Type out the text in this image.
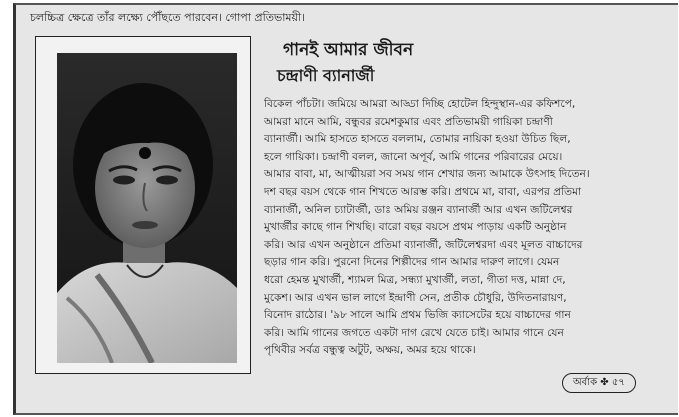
চলচ্চিত্র ক্ষেত্রে তাঁর লক্ষ্যে পৌঁছতে পারবেন। গোপা প্রতিভাময়ী।
গানই আমার জীবন
চন্দ্রাণী ব্যানার্জী
বিকেল পাঁচটা। জমিয়ে আমরা আড্ডা দিচ্ছি হোটেল হিন্দুস্থান-এর কফিশপে,
আমরা মানে আমি, বন্ধুবর রমেশকুমার এবং প্রতিভাময়ী গায়িকা চন্দ্রাণী
ব্যানার্জী। আমি হাসতে হাসতে বললাম, তোমার নায়িকা হওয়া উচিত ছিল,
হলে গায়িকা। চন্দ্রাণী বলল, জানো অপূর্ব, আমি গানের পরিবারের মেয়ে।
আমার বাবা, মা, আত্মীয়রা সব সময় গান শেখার জন্য আমাকে উৎসাহ দিতেন।
দশ বছর বয়স থেকে গান শিখতে আরম্ভ করি। প্রথমে মা, বাবা, এরপর প্রতিমা
ব্যানার্জী, অনিল চ্যাটার্জী, ডাঃ অমিয় রঞ্জন ব্যানার্জী আর এখন জটিলেশ্বর
মুখার্জীর কাছে গান শিখছি। বারো বছর বয়সে প্রথম পাড়ায় একটি অনুষ্ঠান
করি। আর এখন অনুষ্ঠানে প্রতিমা ব্যানার্জী, জটিলেশ্বরদা এবং মূলত বাচ্চাদের
ছড়ার গান করি। পুরনো দিনের শিল্পীদের গান আমার দারুণ লাগে। যেমন
ধরো হেমন্ত মুখার্জী, শ্যামল মিত্র, সন্ধ্যা মুখার্জী, লতা, গীতা দত্ত, মান্না দে,
মুকেশ। আর এখন ভাল লাগে ইন্দ্রাণী সেন, প্রতীক চৌধুরি, উদিতনারায়ণ,
বিনোদ রাঠোর। '৯৮ সালে আমি প্রথম ভিজি ক্যাসেটের হয়ে বাচ্চাদের গান
করি। আমি গানের জগতে একটা দাগ রেখে যেতে চাই। আমার গানে যেন
পৃথিবীর সর্বত্র বন্ধুত্ব অটুট, অক্ষয়, অমর হয়ে থাকে।
অর্বাক ✤ ৫৭
